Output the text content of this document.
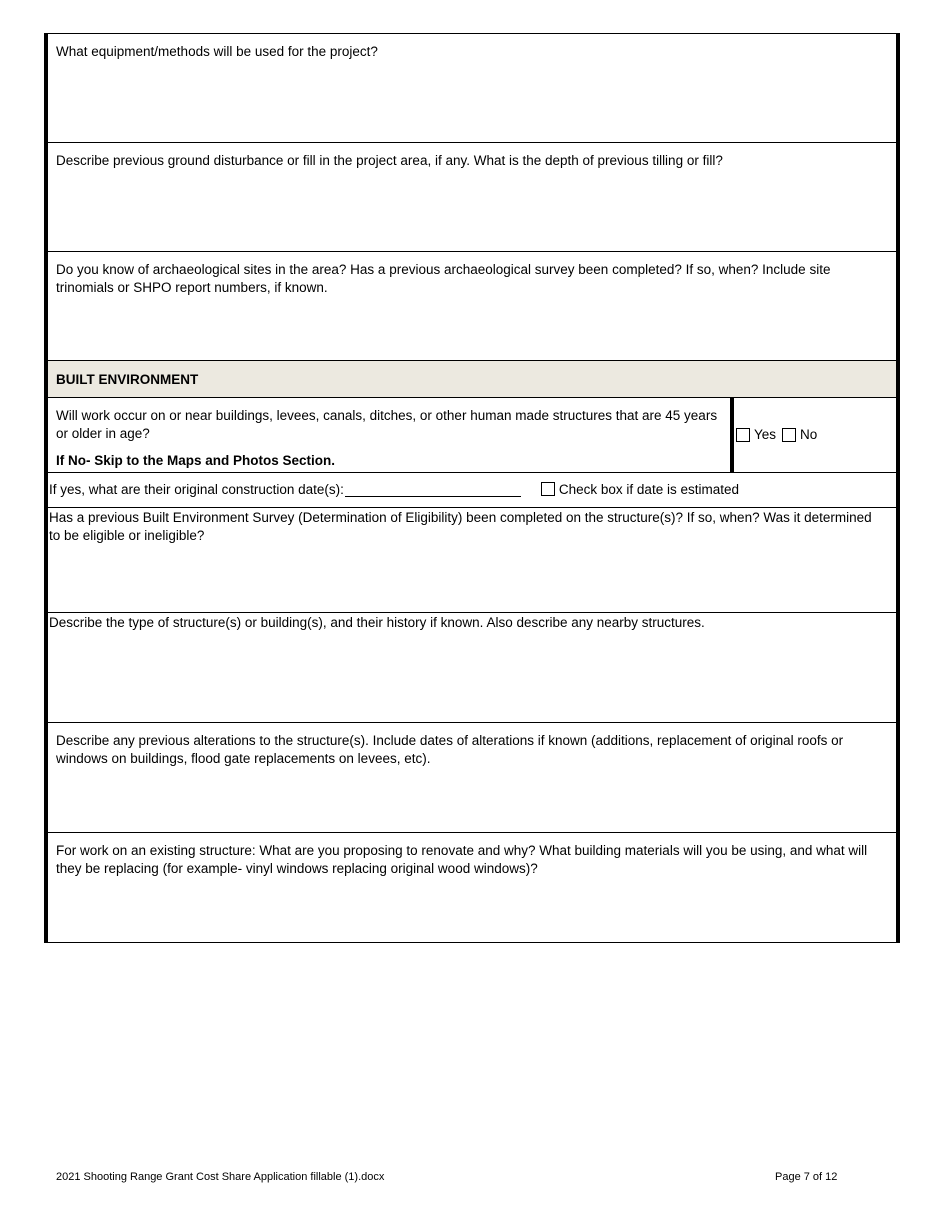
What equipment/methods will be used for the project?
Describe previous ground disturbance or fill in the project area, if any. What is the depth of previous tilling or fill?
Do you know of archaeological sites in the area? Has a previous archaeological survey been completed? If so, when? Include site trinomials or SHPO report numbers, if known.
BUILT ENVIRONMENT
Will work occur on or near buildings, levees, canals, ditches, or other human made structures that are 45 years or older in age?
If No- Skip to the Maps and Photos Section.
Yes No
If yes, what are their original construction date(s):	Check box if date is estimated
Has a previous Built Environment Survey (Determination of Eligibility) been completed on the structure(s)? If so, when? Was it determined to be eligible or ineligible?
Describe the type of structure(s) or building(s), and their history if known. Also describe any nearby structures.
Describe any previous alterations to the structure(s). Include dates of alterations if known (additions, replacement of original roofs or windows on buildings, flood gate replacements on levees, etc).
For work on an existing structure: What are you proposing to renovate and why? What building materials will you be using, and what will they be replacing (for example- vinyl windows replacing original wood windows)?
2021 Shooting Range Grant Cost Share Application fillable (1).docx	Page 7 of 12
